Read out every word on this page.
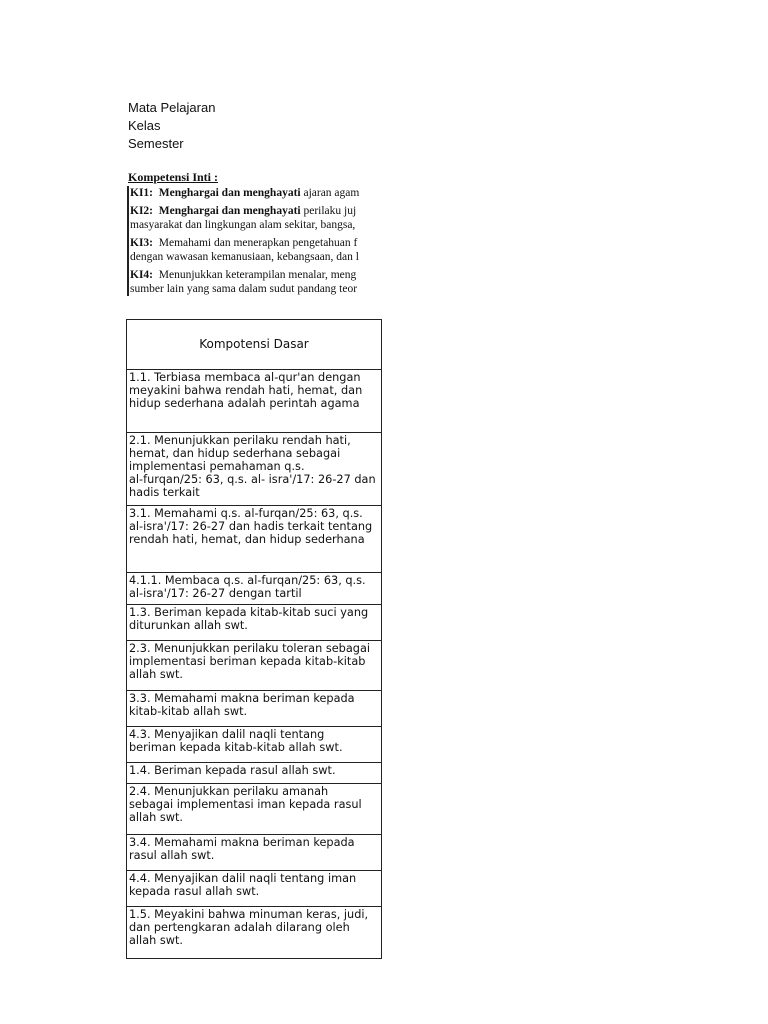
Mata Pelajaran
Kelas
Semester
Kompetensi Inti :
KI1: Menghargai dan menghayati ajaran agam
KI2: Menghargai dan menghayati perilaku juj
masyarakat dan lingkungan alam sekitar, bangsa,
KI3: Memahami dan menerapkan pengetahuan f
dengan wawasan kemanusiaan, kebangsaan, dan l
KI4: Menunjukkan keterampilan menalar, meng
sumber lain yang sama dalam sudut pandang teor
Kompotensi Dasar

1.1. Terbiasa membaca al-qur'an dengan
meyakini bahwa rendah hati, hemat, dan
hidup sederhana adalah perintah agama

2.1. Menunjukkan perilaku rendah hati,
hemat, dan hidup sederhana sebagai
implementasi pemahaman q.s.
al-furqan/25: 63, q.s. al- isra'/17: 26-27 dan
hadis terkait

3.1. Memahami q.s. al-furqan/25: 63, q.s.
al-isra'/17: 26-27 dan hadis terkait tentang
rendah hati, hemat, dan hidup sederhana

4.1.1. Membaca q.s. al-furqan/25: 63, q.s.
al-isra'/17: 26-27 dengan tartil

1.3. Beriman kepada kitab-kitab suci yang
diturunkan allah swt.

2.3. Menunjukkan perilaku toleran sebagai
implementasi beriman kepada kitab-kitab
allah swt.

3.3. Memahami makna beriman kepada
kitab-kitab allah swt.

4.3. Menyajikan dalil naqli tentang
beriman kepada kitab-kitab allah swt.

1.4. Beriman kepada rasul allah swt.

2.4. Menunjukkan perilaku amanah
sebagai implementasi iman kepada rasul
allah swt.

3.4. Memahami makna beriman kepada
rasul allah swt.

4.4. Menyajikan dalil naqli tentang iman
kepada rasul allah swt.

1.5. Meyakini bahwa minuman keras, judi,
dan pertengkaran adalah dilarang oleh
allah swt.
